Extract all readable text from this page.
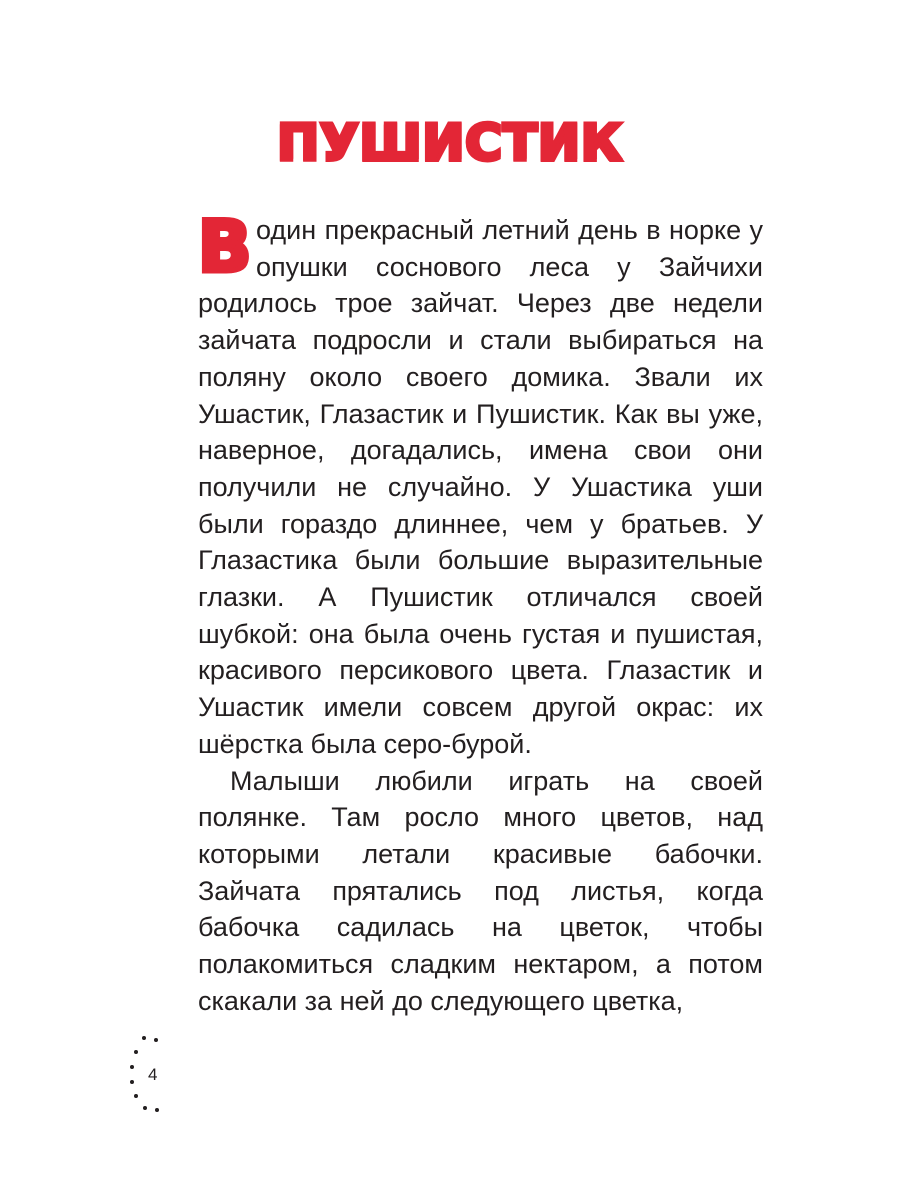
ПУШИСТИК

Водин прекрасный летний день в норке у опушки соснового леса у Зайчихи родилось трое зайчат. Через две недели зайчата подросли и стали выбираться на поляну около своего домика. Звали их Ушастик, Глазастик и Пушистик. Как вы уже, наверное, догадались, имена свои они получили не случайно. У Ушастика уши были гораздо длиннее, чем у братьев. У Глазастика были большие выразительные глазки. А Пушистик отличался своей шубкой: она была очень густая и пушистая, красивого персикового цвета. Глазастик и Ушастик имели совсем другой окрас: их шёрстка была серо-бурой.

Малыши любили играть на своей полянке. Там росло много цветов, над которыми летали красивые бабочки. Зайчата прятались под листья, когда бабочка садилась на цветок, чтобы полакомиться сладким нектаром, а потом скакали за ней до следующего цветка,

4
